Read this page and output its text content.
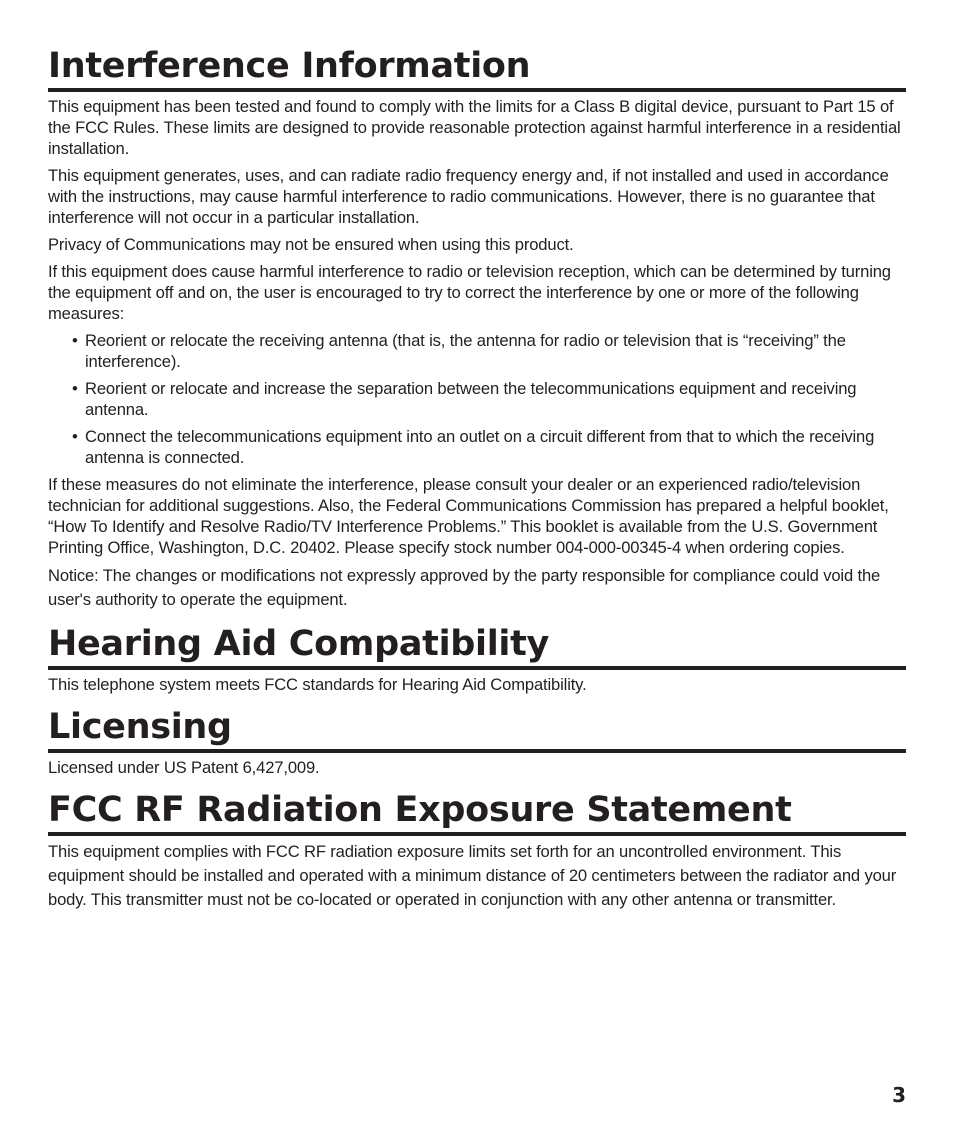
Interference Information

This equipment has been tested and found to comply with the limits for a Class B digital device, pursuant to Part 15 of the FCC Rules. These limits are designed to provide reasonable protection against harmful interference in a residential installation.

This equipment generates, uses, and can radiate radio frequency energy and, if not installed and used in accordance with the instructions, may cause harmful interference to radio communications. However, there is no guarantee that interference will not occur in a particular installation.

Privacy of Communications may not be ensured when using this product.

If this equipment does cause harmful interference to radio or television reception, which can be determined by turning the equipment off and on, the user is encouraged to try to correct the interference by one or more of the following measures:

• Reorient or relocate the receiving antenna (that is, the antenna for radio or television that is “receiving” the interference).
• Reorient or relocate and increase the separation between the telecommunications equipment and receiving antenna.
• Connect the telecommunications equipment into an outlet on a circuit different from that to which the receiving antenna is connected.

If these measures do not eliminate the interference, please consult your dealer or an experienced radio/television technician for additional suggestions. Also, the Federal Communications Commission has prepared a helpful booklet, “How To Identify and Resolve Radio/TV Interference Problems.” This booklet is available from the U.S. Government Printing Office, Washington, D.C. 20402. Please specify stock number 004-000-00345-4 when ordering copies.

Notice: The changes or modifications not expressly approved by the party responsible for compliance could void the user's authority to operate the equipment.

Hearing Aid Compatibility

This telephone system meets FCC standards for Hearing Aid Compatibility.

Licensing

Licensed under US Patent 6,427,009.

FCC RF Radiation Exposure Statement

This equipment complies with FCC RF radiation exposure limits set forth for an uncontrolled environment. This equipment should be installed and operated with a minimum distance of 20 centimeters between the radiator and your body. This transmitter must not be co-located or operated in conjunction with any other antenna or transmitter.

3
